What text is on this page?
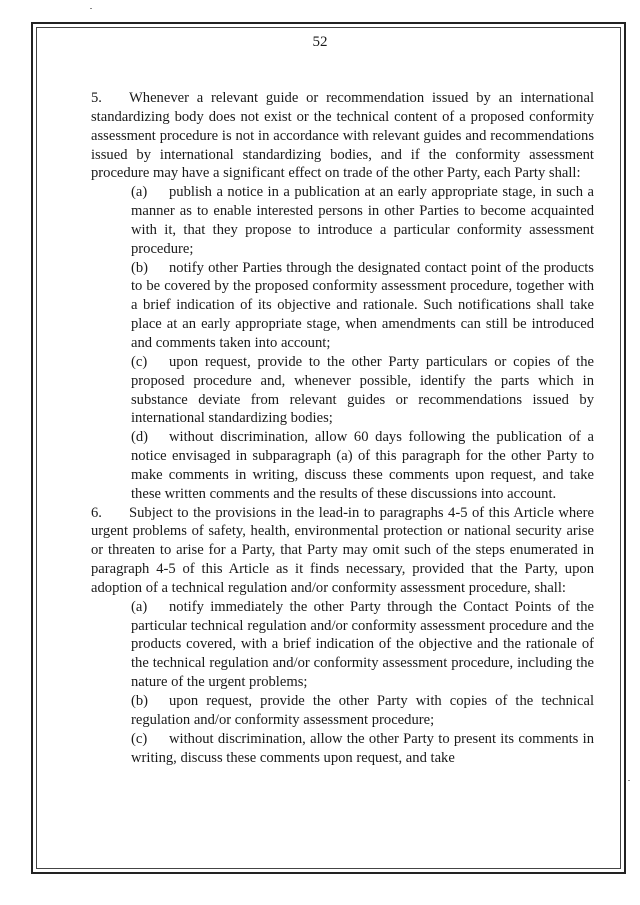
52

5. Whenever a relevant guide or recommendation issued by an international standardizing body does not exist or the technical content of a proposed conformity assessment procedure is not in accordance with relevant guides and recommendations issued by international standardizing bodies, and if the conformity assessment procedure may have a significant effect on trade of the other Party, each Party shall:

(a) publish a notice in a publication at an early appropriate stage, in such a manner as to enable interested persons in other Parties to become acquainted with it, that they propose to introduce a particular conformity assessment procedure;
(b) notify other Parties through the designated contact point of the products to be covered by the proposed conformity assessment procedure, together with a brief indication of its objective and rationale. Such notifications shall take place at an early appropriate stage, when amendments can still be introduced and comments taken into account;
(c) upon request, provide to the other Party particulars or copies of the proposed procedure and, whenever possible, identify the parts which in substance deviate from relevant guides or recommendations issued by international standardizing bodies;
(d) without discrimination, allow 60 days following the publication of a notice envisaged in subparagraph (a) of this paragraph for the other Party to make comments in writing, discuss these comments upon request, and take these written comments and the results of these discussions into account.

6. Subject to the provisions in the lead-in to paragraphs 4-5 of this Article where urgent problems of safety, health, environmental protection or national security arise or threaten to arise for a Party, that Party may omit such of the steps enumerated in paragraph 4-5 of this Article as it finds necessary, provided that the Party, upon adoption of a technical regulation and/or conformity assessment procedure, shall:

(a) notify immediately the other Party through the Contact Points of the particular technical regulation and/or conformity assessment procedure and the products covered, with a brief indication of the objective and the rationale of the technical regulation and/or conformity assessment procedure, including the nature of the urgent problems;
(b) upon request, provide the other Party with copies of the technical regulation and/or conformity assessment procedure;
(c) without discrimination, allow the other Party to present its comments in writing, discuss these comments upon request, and take
